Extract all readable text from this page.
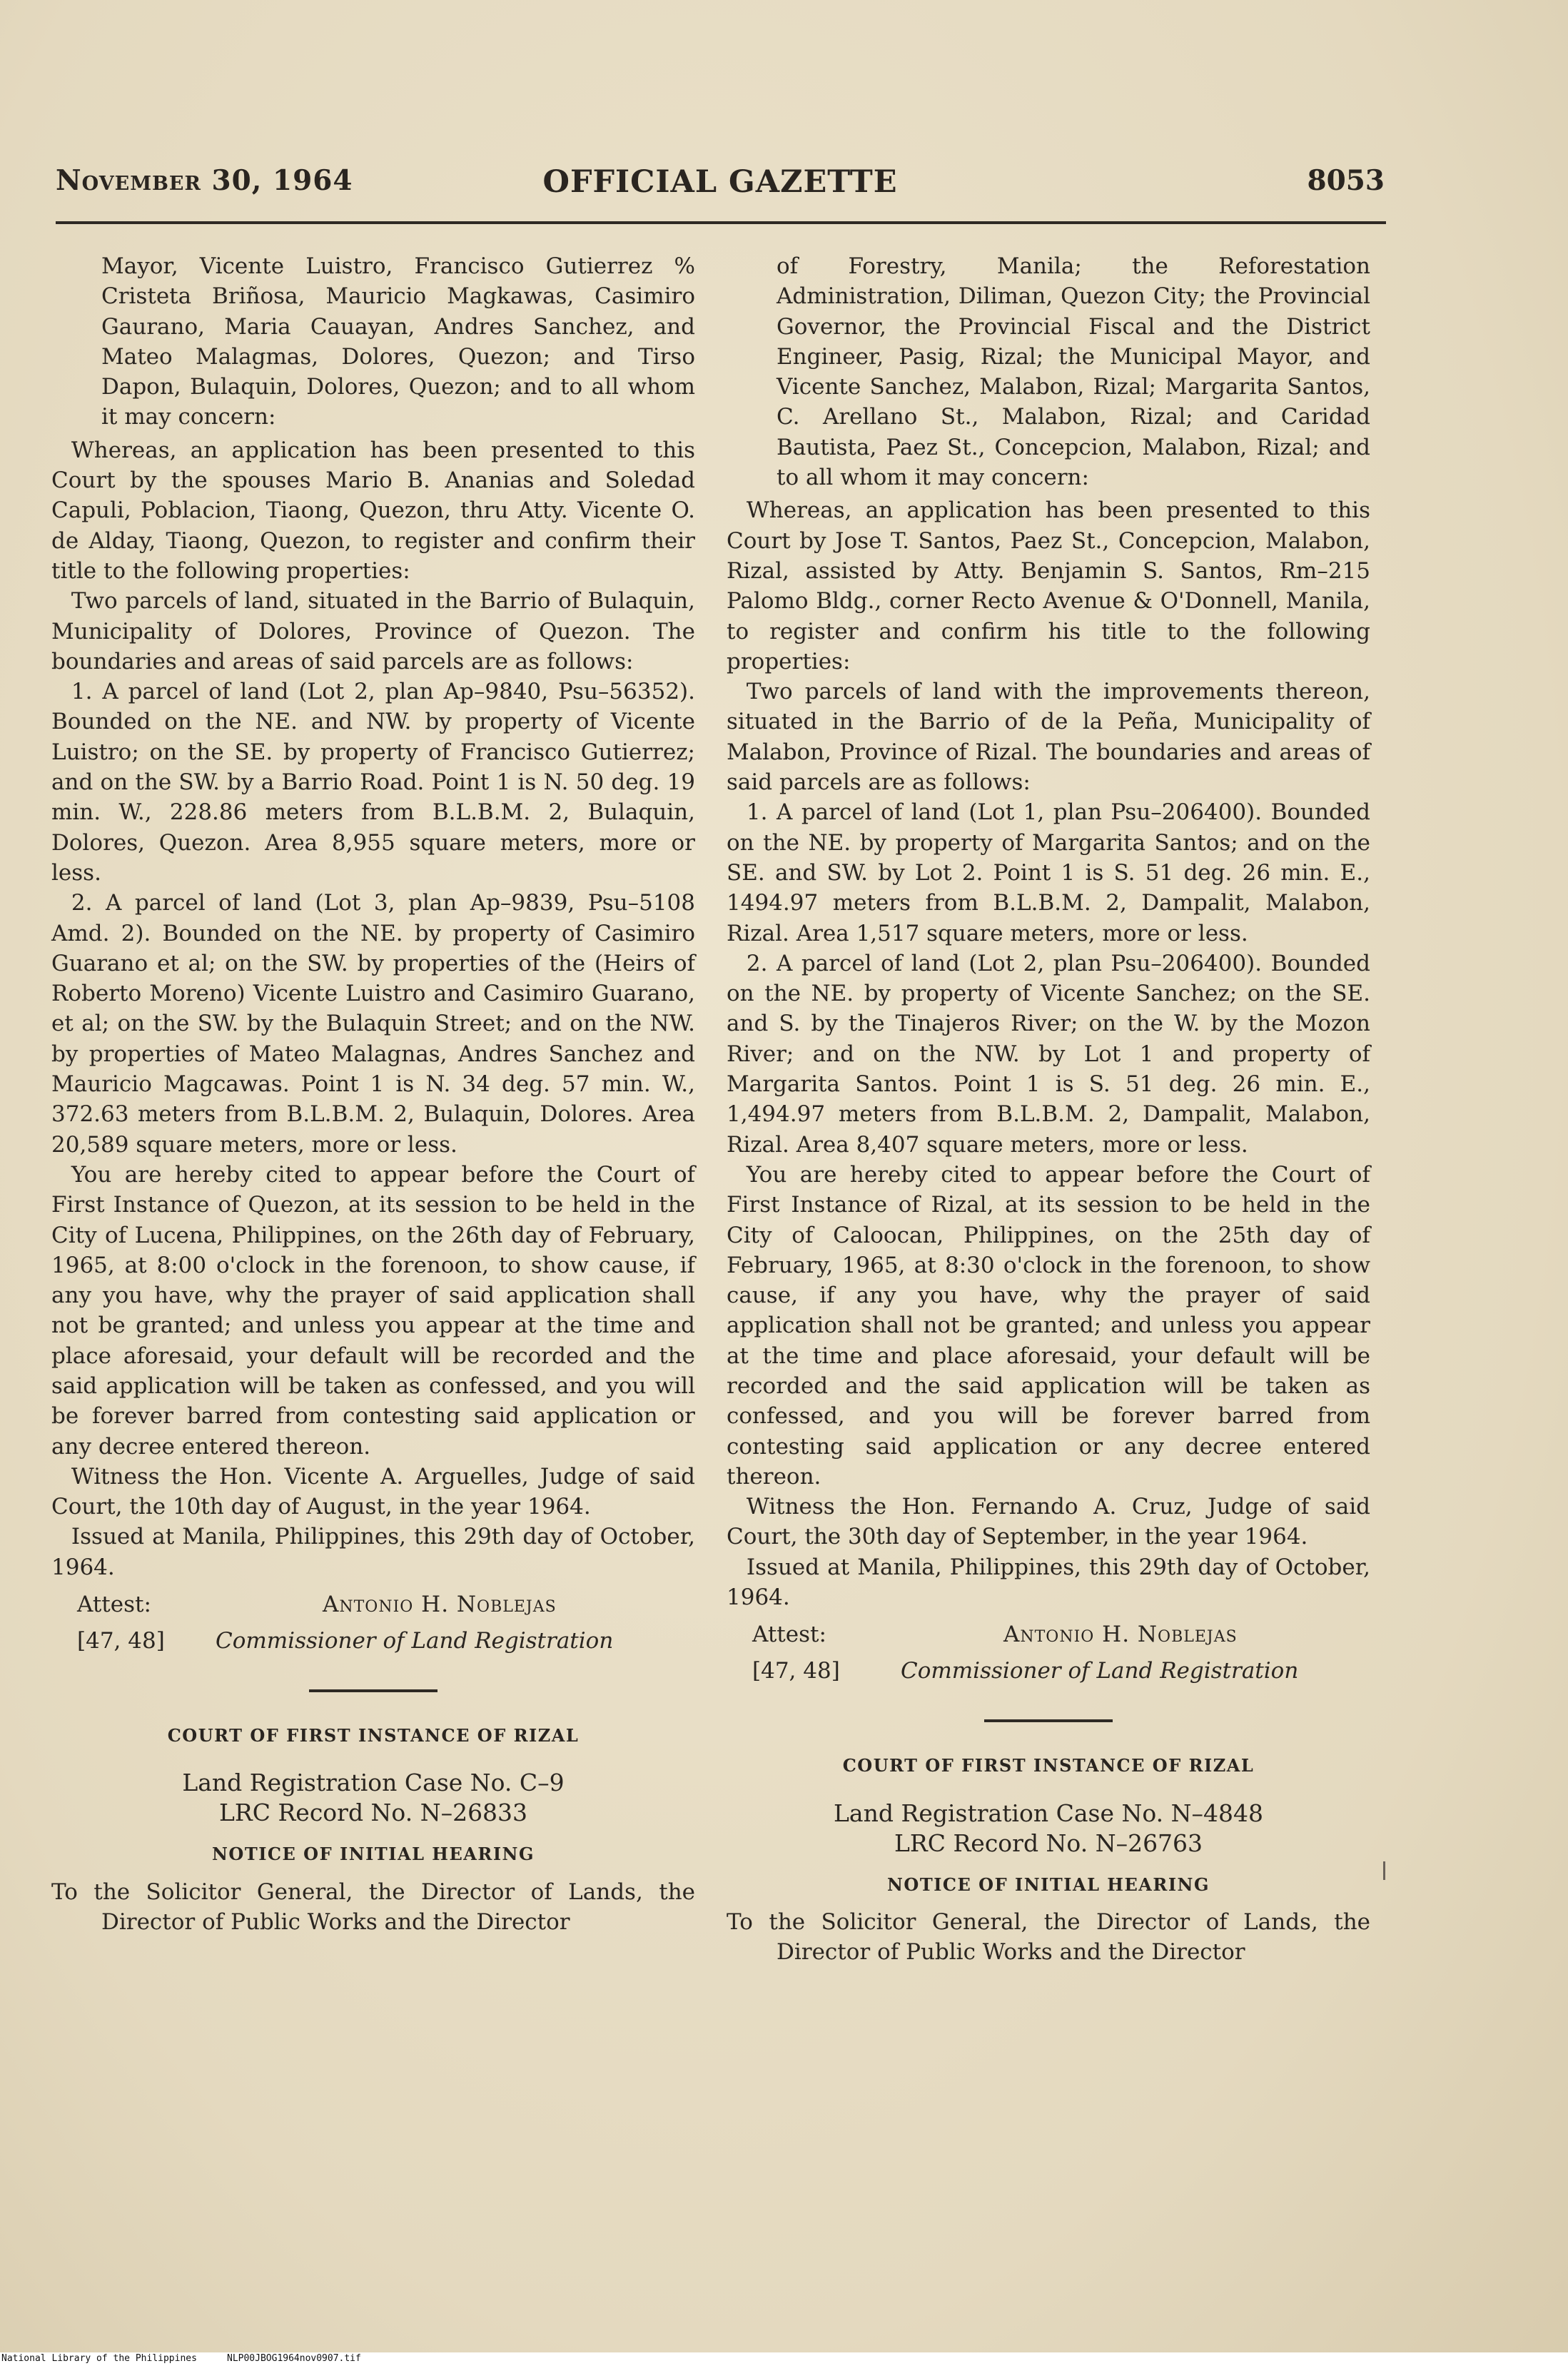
OFFICIAL GAZETTE
November 30, 1964	8053

Mayor, Vicente Luistro, Francisco Gutierrez % Cristeta Briñosa, Mauricio Magkawas, Casimiro Gaurano, Maria Cauayan, Andres Sanchez, and Mateo Malagmas, Dolores, Quezon; and Tirso Dapon, Bulaquin, Dolores, Quezon; and to all whom it may concern:

Whereas, an application has been presented to this Court by the spouses Mario B. Ananias and Soledad Capuli, Poblacion, Tiaong, Quezon, thru Atty. Vicente O. de Alday, Tiaong, Quezon, to register and confirm their title to the following properties:

Two parcels of land, situated in the Barrio of Bulaquin, Municipality of Dolores, Province of Quezon. The boundaries and areas of said parcels are as follows:

1. A parcel of land (Lot 2, plan Ap–9840, Psu–56352). Bounded on the NE. and NW. by property of Vicente Luistro; on the SE. by property of Francisco Gutierrez; and on the SW. by a Barrio Road. Point 1 is N. 50 deg. 19 min. W., 228.86 meters from B.L.B.M. 2, Bulaquin, Dolores, Quezon. Area 8,955 square meters, more or less.

2. A parcel of land (Lot 3, plan Ap–9839, Psu–5108 Amd. 2). Bounded on the NE. by property of Casimiro Guarano et al; on the SW. by properties of the (Heirs of Roberto Moreno) Vicente Luistro and Casimiro Guarano, et al; on the SW. by the Bulaquin Street; and on the NW. by properties of Mateo Malagnas, Andres Sanchez and Mauricio Magcawas. Point 1 is N. 34 deg. 57 min. W., 372.63 meters from B.L.B.M. 2, Bulaquin, Dolores. Area 20,589 square meters, more or less.

You are hereby cited to appear before the Court of First Instance of Quezon, at its session to be held in the City of Lucena, Philippines, on the 26th day of February, 1965, at 8:00 o'clock in the forenoon, to show cause, if any you have, why the prayer of said application shall not be granted; and unless you appear at the time and place aforesaid, your default will be recorded and the said application will be taken as confessed, and you will be forever barred from contesting said application or any decree entered thereon.

Witness the Hon. Vicente A. Arguelles, Judge of said Court, the 10th day of August, in the year 1964.

Issued at Manila, Philippines, this 29th day of October, 1964.

Attest:	Antonio H. Noblejas
[47, 48] Commissioner of Land Registration
COURT OF FIRST INSTANCE OF RIZAL
Land Registration Case No. C–9
LRC Record No. N–26833
NOTICE OF INITIAL HEARING

To the Solicitor General, the Director of Lands, the Director of Public Works and the Director

of Forestry, Manila; the Reforestation Administration, Diliman, Quezon City; the Provincial Governor, the Provincial Fiscal and the District Engineer, Pasig, Rizal; the Municipal Mayor, and Vicente Sanchez, Malabon, Rizal; Margarita Santos, C. Arellano St., Malabon, Rizal; and Caridad Bautista, Paez St., Concepcion, Malabon, Rizal; and to all whom it may concern:

Whereas, an application has been presented to this Court by Jose T. Santos, Paez St., Concepcion, Malabon, Rizal, assisted by Atty. Benjamin S. Santos, Rm–215 Palomo Bldg., corner Recto Avenue & O'Donnell, Manila, to register and confirm his title to the following properties:

Two parcels of land with the improvements thereon, situated in the Barrio of de la Peña, Municipality of Malabon, Province of Rizal. The boundaries and areas of said parcels are as follows:

1. A parcel of land (Lot 1, plan Psu–206400). Bounded on the NE. by property of Margarita Santos; and on the SE. and SW. by Lot 2. Point 1 is S. 51 deg. 26 min. E., 1494.97 meters from B.L.B.M. 2, Dampalit, Malabon, Rizal. Area 1,517 square meters, more or less.

2. A parcel of land (Lot 2, plan Psu–206400). Bounded on the NE. by property of Vicente Sanchez; on the SE. and S. by the Tinajeros River; on the W. by the Mozon River; and on the NW. by Lot 1 and property of Margarita Santos. Point 1 is S. 51 deg. 26 min. E., 1,494.97 meters from B.L.B.M. 2, Dampalit, Malabon, Rizal. Area 8,407 square meters, more or less.

You are hereby cited to appear before the Court of First Instance of Rizal, at its session to be held in the City of Caloocan, Philippines, on the 25th day of February, 1965, at 8:30 o'clock in the forenoon, to show cause, if any you have, why the prayer of said application shall not be granted; and unless you appear at the time and place aforesaid, your default will be recorded and the said application will be taken as confessed, and you will be forever barred from contesting said application or any decree entered thereon.

Witness the Hon. Fernando A. Cruz, Judge of said Court, the 30th day of September, in the year 1964.

Issued at Manila, Philippines, this 29th day of October, 1964.

Attest:	Antonio H. Noblejas
[47, 48]	Commissioner of Land Registration
COURT OF FIRST INSTANCE OF RIZAL
Land Registration Case No. N–4848
LRC Record No. N–26763
NOTICE OF INITIAL HEARING

To the Solicitor General, the Director of Lands, the Director of Public Works and the Director

National Library of the Philippines	NLP00JBOG1964nov0907.tif
